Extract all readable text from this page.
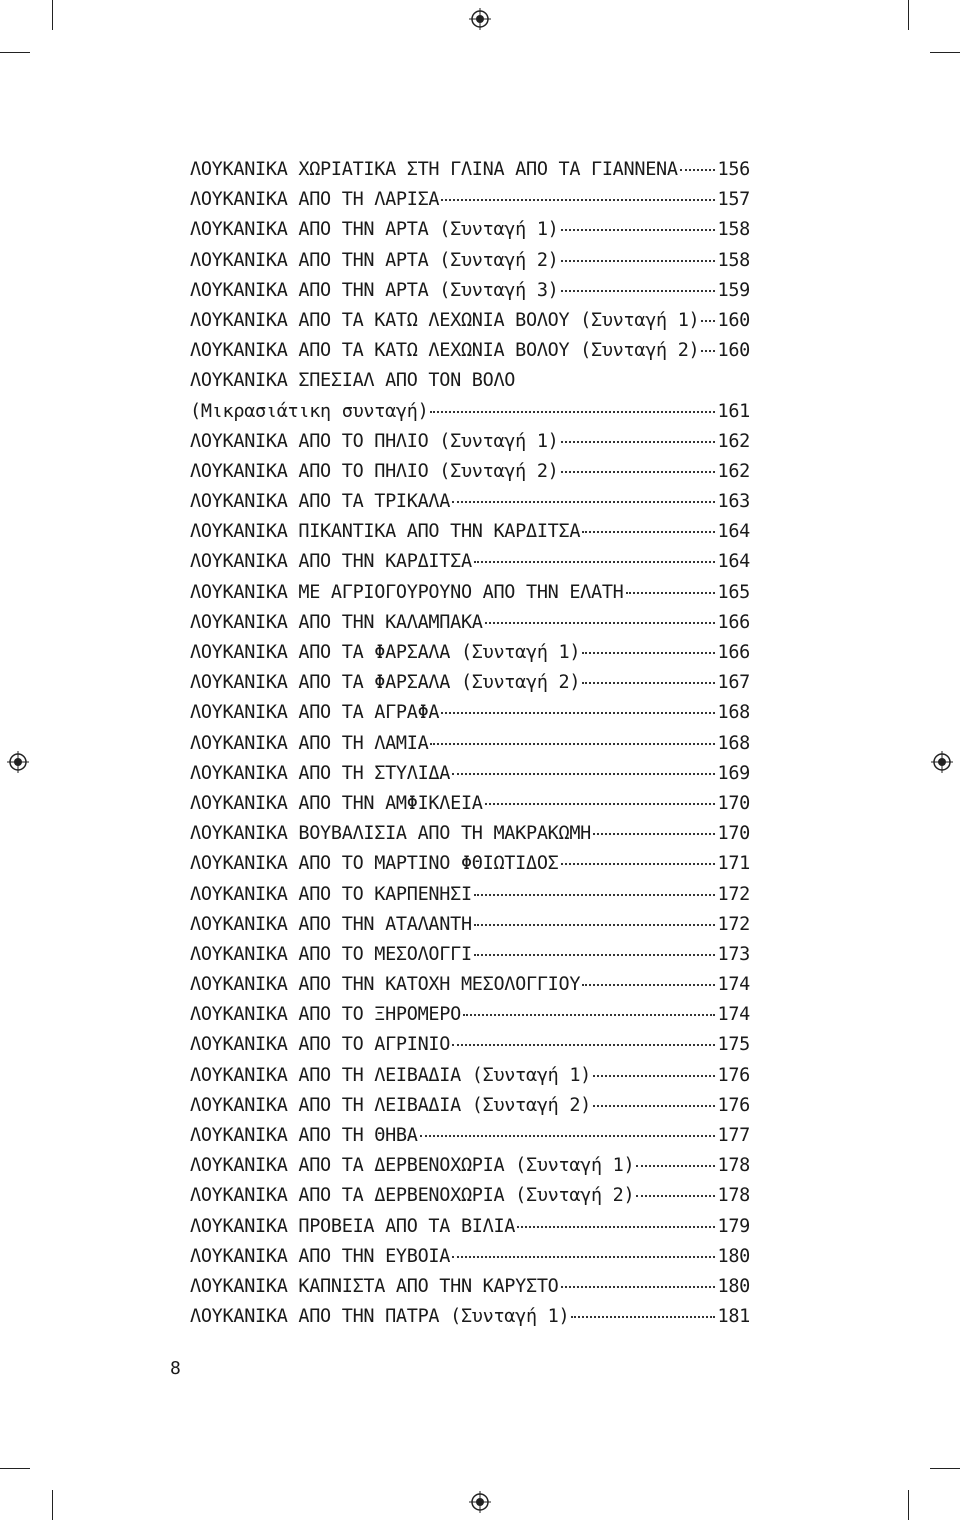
ΛΟΥΚΑΝΙΚΑ ΧΩΡΙΑΤΙΚΑ ΣΤΗ ΓΛΙΝΑ ΑΠΟ ΤΑ ΓΙΑΝΝΕΝΑ 156
ΛΟΥΚΑΝΙΚΑ ΑΠΟ ΤΗ ΛΑΡΙΣΑ	157
ΛΟΥΚΑΝΙΚΑ ΑΠΟ ΤΗΝ ΑΡΤΑ (Συνταγή 1)	158
ΛΟΥΚΑΝΙΚΑ ΑΠΟ ΤΗΝ ΑΡΤΑ (Συνταγή 2)	158
ΛΟΥΚΑΝΙΚΑ ΑΠΟ ΤΗΝ ΑΡΤΑ (Συνταγή 3)	159
ΛΟΥΚΑΝΙΚΑ ΑΠΟ ΤΑ ΚΑΤΩ ΛΕΧΩΝΙΑ ΒΟΛΟΥ (Συνταγή 1) 160
ΛΟΥΚΑΝΙΚΑ ΑΠΟ ΤΑ ΚΑΤΩ ΛΕΧΩΝΙΑ ΒΟΛΟΥ (Συνταγή 2) 160
ΛΟΥΚΑΝΙΚΑ ΣΠΕΣΙΑΛ ΑΠΟ ΤΟΝ ΒΟΛΟ
(Μικρασιάτικη συνταγή)	161
ΛΟΥΚΑΝΙΚΑ ΑΠΟ ΤΟ ΠΗΛΙΟ (Συνταγή 1)	162
ΛΟΥΚΑΝΙΚΑ ΑΠΟ ΤΟ ΠΗΛΙΟ (Συνταγή 2)	162
ΛΟΥΚΑΝΙΚΑ ΑΠΟ ΤΑ ΤΡΙΚΑΛΑ	163
ΛΟΥΚΑΝΙΚΑ ΠΙΚΑΝΤΙΚΑ ΑΠΟ ΤΗΝ ΚΑΡΔΙΤΣΑ	164
ΛΟΥΚΑΝΙΚΑ ΑΠΟ ΤΗΝ ΚΑΡΔΙΤΣΑ	164
ΛΟΥΚΑΝΙΚΑ ΜΕ ΑΓΡΙΟΓΟΥΡΟΥΝΟ ΑΠΟ ΤΗΝ ΕΛΑΤΗ	165
ΛΟΥΚΑΝΙΚΑ ΑΠΟ ΤΗΝ ΚΑΛΑΜΠΑΚΑ	166
ΛΟΥΚΑΝΙΚΑ ΑΠΟ ΤΑ ΦΑΡΣΑΛΑ (Συνταγή 1)	166
ΛΟΥΚΑΝΙΚΑ ΑΠΟ ΤΑ ΦΑΡΣΑΛΑ (Συνταγή 2)	167
ΛΟΥΚΑΝΙΚΑ ΑΠΟ ΤΑ ΑΓΡΑΦΑ	168
ΛΟΥΚΑΝΙΚΑ ΑΠΟ ΤΗ ΛΑΜΙΑ	168
ΛΟΥΚΑΝΙΚΑ ΑΠΟ ΤΗ ΣΤΥΛΙΔΑ	169
ΛΟΥΚΑΝΙΚΑ ΑΠΟ ΤΗΝ ΑΜΦΙΚΛΕΙΑ	170
ΛΟΥΚΑΝΙΚΑ ΒΟΥΒΑΛΙΣΙΑ ΑΠΟ ΤΗ ΜΑΚΡΑΚΩΜΗ	170
ΛΟΥΚΑΝΙΚΑ ΑΠΟ ΤΟ ΜΑΡΤΙΝΟ ΦΘΙΩΤΙΔΟΣ	171
ΛΟΥΚΑΝΙΚΑ ΑΠΟ ΤΟ ΚΑΡΠΕΝΗΣΙ	172
ΛΟΥΚΑΝΙΚΑ ΑΠΟ ΤΗΝ ΑΤΑΛΑΝΤΗ	172
ΛΟΥΚΑΝΙΚΑ ΑΠΟ ΤΟ ΜΕΣΟΛΟΓΓΙ	173
ΛΟΥΚΑΝΙΚΑ ΑΠΟ ΤΗΝ ΚΑΤΟΧΗ ΜΕΣΟΛΟΓΓΙΟΥ	174
ΛΟΥΚΑΝΙΚΑ ΑΠΟ ΤΟ ΞΗΡΟΜΕΡΟ	174
ΛΟΥΚΑΝΙΚΑ ΑΠΟ ΤΟ ΑΓΡΙΝΙΟ	175
ΛΟΥΚΑΝΙΚΑ ΑΠΟ ΤΗ ΛΕΙΒΑΔΙΑ (Συνταγή 1)	176
ΛΟΥΚΑΝΙΚΑ ΑΠΟ ΤΗ ΛΕΙΒΑΔΙΑ (Συνταγή 2)	176
ΛΟΥΚΑΝΙΚΑ ΑΠΟ ΤΗ ΘΗΒΑ	177
ΛΟΥΚΑΝΙΚΑ ΑΠΟ ΤΑ ΔΕΡΒΕΝΟΧΩΡΙΑ (Συνταγή 1)	178
ΛΟΥΚΑΝΙΚΑ ΑΠΟ ΤΑ ΔΕΡΒΕΝΟΧΩΡΙΑ (Συνταγή 2)	178
ΛΟΥΚΑΝΙΚΑ ΠΡΟΒΕΙΑ ΑΠΟ ΤΑ ΒΙΛΙΑ	179
ΛΟΥΚΑΝΙΚΑ ΑΠΟ ΤΗΝ ΕΥΒΟΙΑ	180
ΛΟΥΚΑΝΙΚΑ ΚΑΠΝΙΣΤΑ ΑΠΟ ΤΗΝ ΚΑΡΥΣΤΟ	180
ΛΟΥΚΑΝΙΚΑ ΑΠΟ ΤΗΝ ΠΑΤΡΑ (Συνταγή 1)	181
8
